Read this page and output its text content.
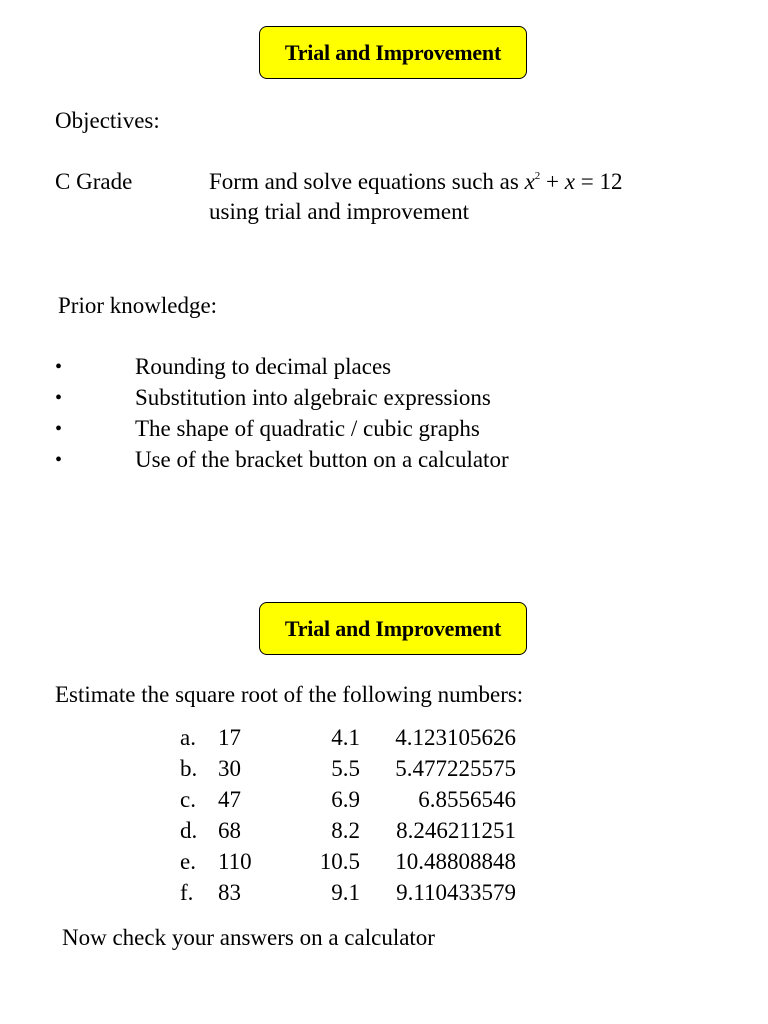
Trial and Improvement
Objectives:
C Grade	Form and solve equations such as $x^2 + x = 12$
using trial and improvement
Prior knowledge:
•	Rounding to decimal places
•	Substitution into algebraic expressions
•	The shape of quadratic / cubic graphs
•	Use of the bracket button on a calculator
Trial and Improvement
Estimate the square root of the following numbers:
a. 17	4.1	4.123105626
b. 30	5.5	5.477225575
c. 47	6.9	6.8556546
d. 68	8.2	8.246211251
e. 110	10.5	10.48808848
f. 83	9.1	9.110433579
Now check your answers on a calculator
